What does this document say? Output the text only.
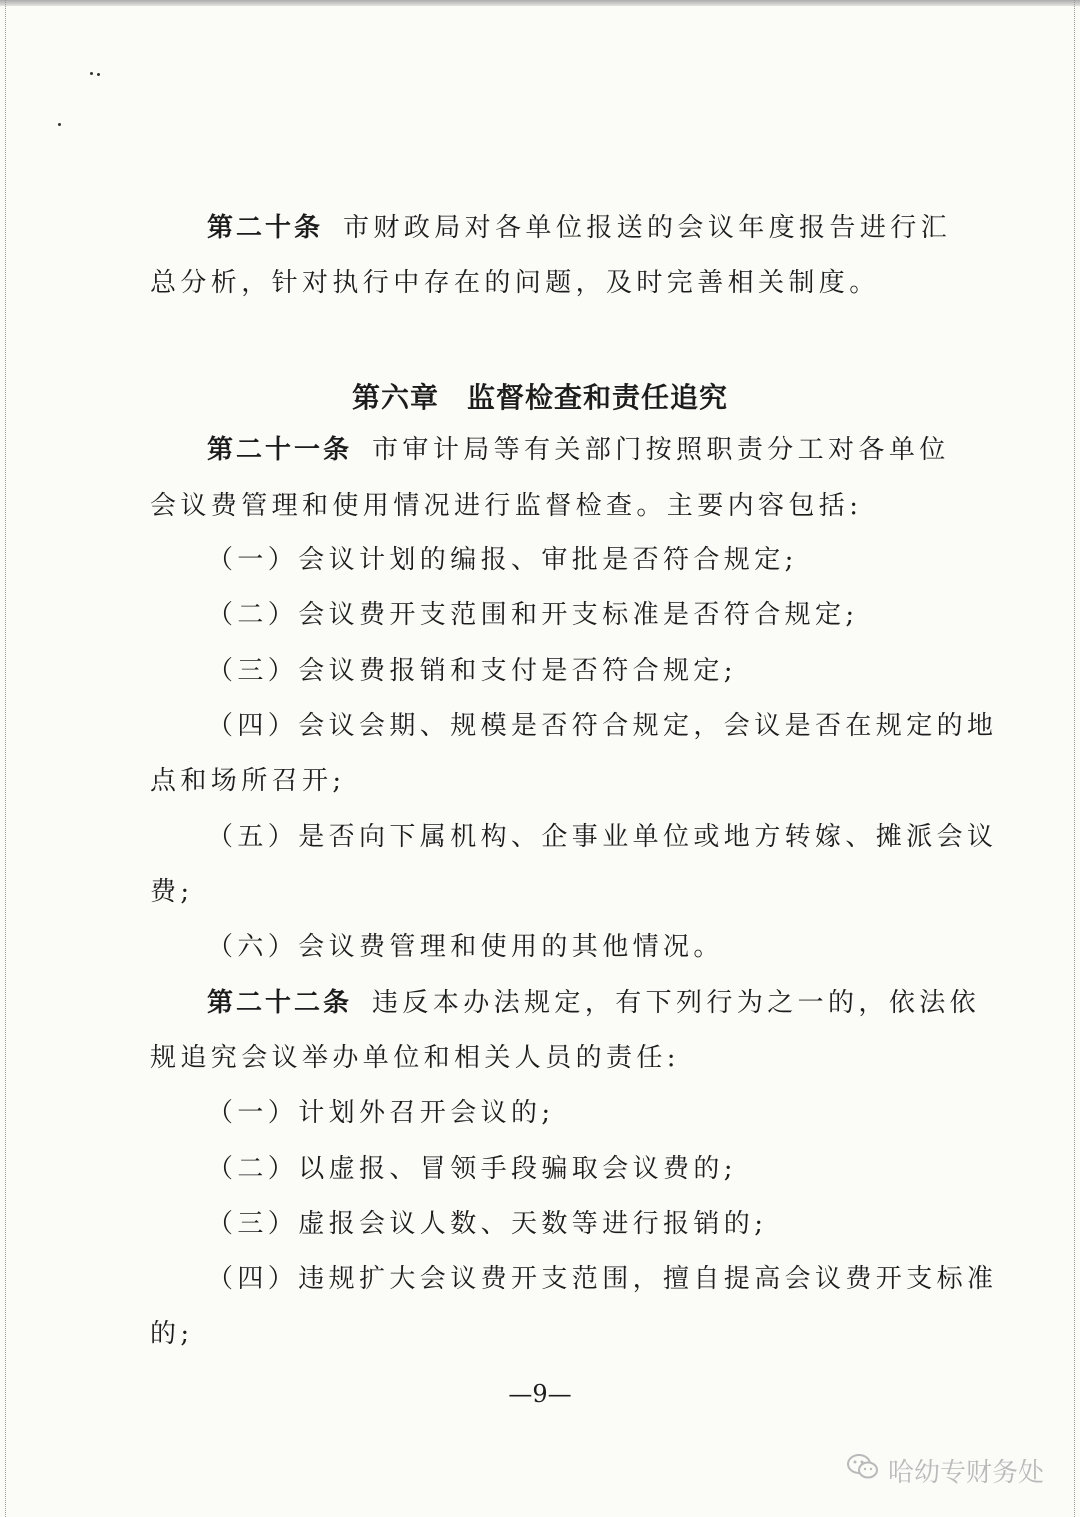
第二十条 市财政局对各单位报送的会议年度报告进行汇
总分析，针对执行中存在的问题，及时完善相关制度。
第六章 监督检查和责任追究
第二十一条 市审计局等有关部门按照职责分工对各单位
会议费管理和使用情况进行监督检查。主要内容包括:
（一）会议计划的编报、审批是否符合规定;
（二）会议费开支范围和开支标准是否符合规定;
（三）会议费报销和支付是否符合规定;
（四）会议会期、规模是否符合规定，会议是否在规定的地
点和场所召开;
（五）是否向下属机构、企事业单位或地方转嫁、摊派会议
费;
（六）会议费管理和使用的其他情况。
第二十二条 违反本办法规定，有下列行为之一的，依法依
规追究会议举办单位和相关人员的责任:
（一）计划外召开会议的;
（二）以虚报、冒领手段骗取会议费的;
（三）虚报会议人数、天数等进行报销的;
（四）违规扩大会议费开支范围，擅自提高会议费开支标准
的;
—9—
哈幼专财务处
